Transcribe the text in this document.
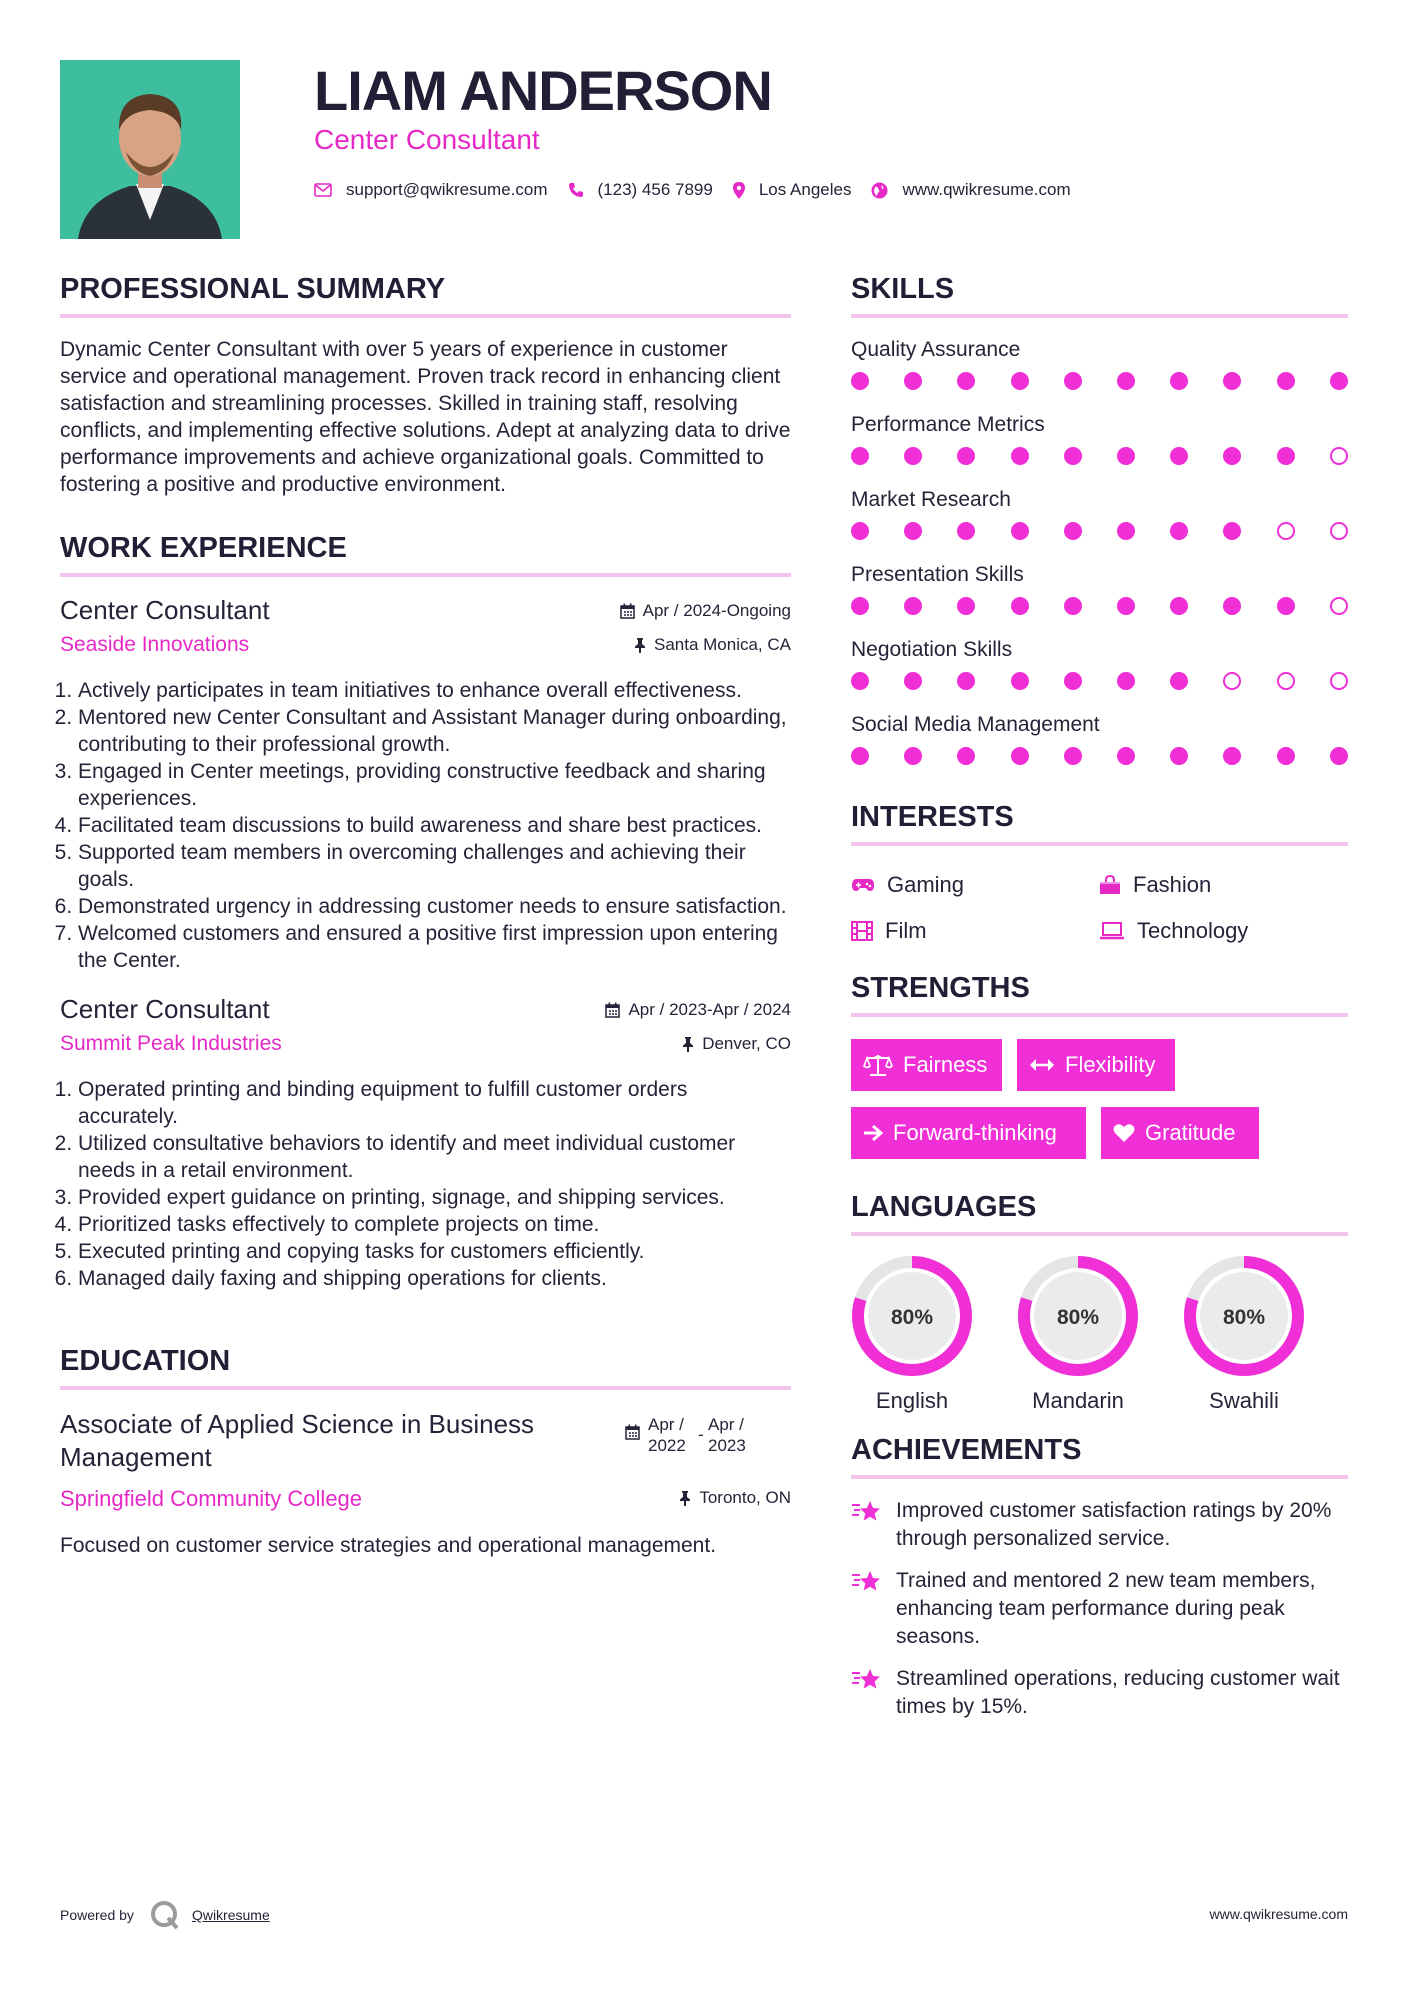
LIAM ANDERSON
Center Consultant
support@qwikresume.com	(123) 456 7899	Los Angeles	www.qwikresume.com
PROFESSIONAL SUMMARY
Dynamic Center Consultant with over 5 years of experience in customer service and operational management. Proven track record in enhancing client satisfaction and streamlining processes. Skilled in training staff, resolving conflicts, and implementing effective solutions. Adept at analyzing data to drive performance improvements and achieve organizational goals. Committed to fostering a positive and productive environment.
WORK EXPERIENCE
Center Consultant
Seaside Innovations
Apr / 2024-Ongoing
Santa Monica, CA
1. Actively participates in team initiatives to enhance overall effectiveness.
2. Mentored new Center Consultant and Assistant Manager during onboarding, contributing to their professional growth.
3. Engaged in Center meetings, providing constructive feedback and sharing experiences.
4. Facilitated team discussions to build awareness and share best practices.
5. Supported team members in overcoming challenges and achieving their goals.
6. Demonstrated urgency in addressing customer needs to ensure satisfaction.
7. Welcomed customers and ensured a positive first impression upon entering the Center.
Center Consultant
Summit Peak Industries
Apr / 2023-Apr / 2024
Denver, CO
1. Operated printing and binding equipment to fulfill customer orders accurately.
2. Utilized consultative behaviors to identify and meet individual customer needs in a retail environment.
3. Provided expert guidance on printing, signage, and shipping services.
4. Prioritized tasks effectively to complete projects on time.
5. Executed printing and copying tasks for customers efficiently.
6. Managed daily faxing and shipping operations for clients.
EDUCATION
Associate of Applied Science in Business Management
Apr / 2022
-
Apr / 2023
Springfield Community College	Toronto, ON
Focused on customer service strategies and operational management.
SKILLS
Quality Assurance
Performance Metrics
Market Research
Presentation Skills
Negotiation Skills
Social Media Management
INTERESTS
Gaming	Fashion
Film	Technology
STRENGTHS
Fairness	Flexibility
Forward-thinking	Gratitude
LANGUAGES
80%
English
80%
Mandarin
80%
Swahili
ACHIEVEMENTS
Improved customer satisfaction ratings by 20% through personalized service.
Trained and mentored 2 new team members, enhancing team performance during peak seasons.
Streamlined operations, reducing customer wait times by 15%.
Powered by	Qwikresume	www.qwikresume.com
